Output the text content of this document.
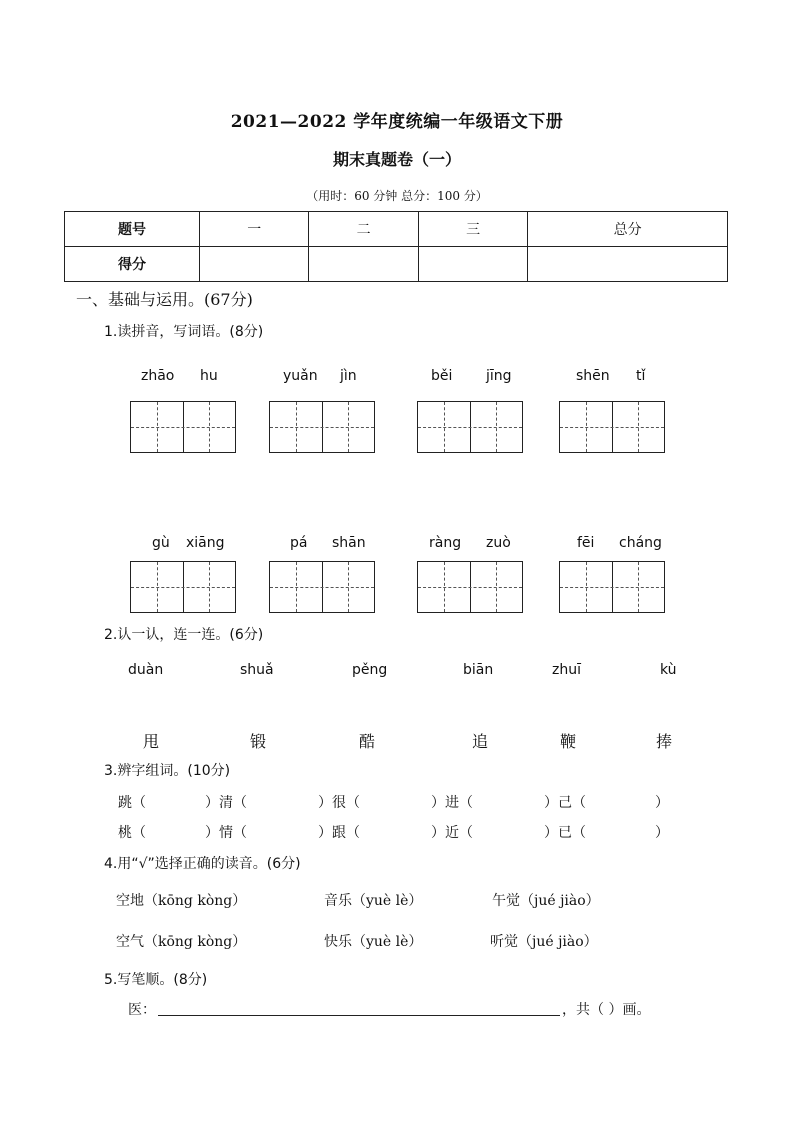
2021—2022 学年度统编一年级语文下册
期末真题卷（一）
（用时：60 分钟 总分：100 分）
题号	一	二	三	总分
得分				
一、基础与运用。(67分)
1.读拼音，写词语。(8分)
zhāo hu	yuǎn jìn	běi jīng	shēn tǐ
gù xiāng	pá shān	ràng zuò	fēi cháng
2.认一认，连一连。(6分)
duàn	shuǎ	pěng	biān	zhuī	kù
甩	锻	酷	追	鞭	捧
3.辨字组词。(10分)
跳（	）清（	）很（	）进（	）己（	）
桃（	）情（	）跟（	）近（	）已（	）
4.用“√”选择正确的读音。(6分)
空地（kōng kòng）	音乐（yuè lè）	午觉（jué jiào）
空气（kōng kòng）	快乐（yuè lè）	听觉（jué jiào）
5.写笔顺。(8分)
医：	，共（ ）画。
